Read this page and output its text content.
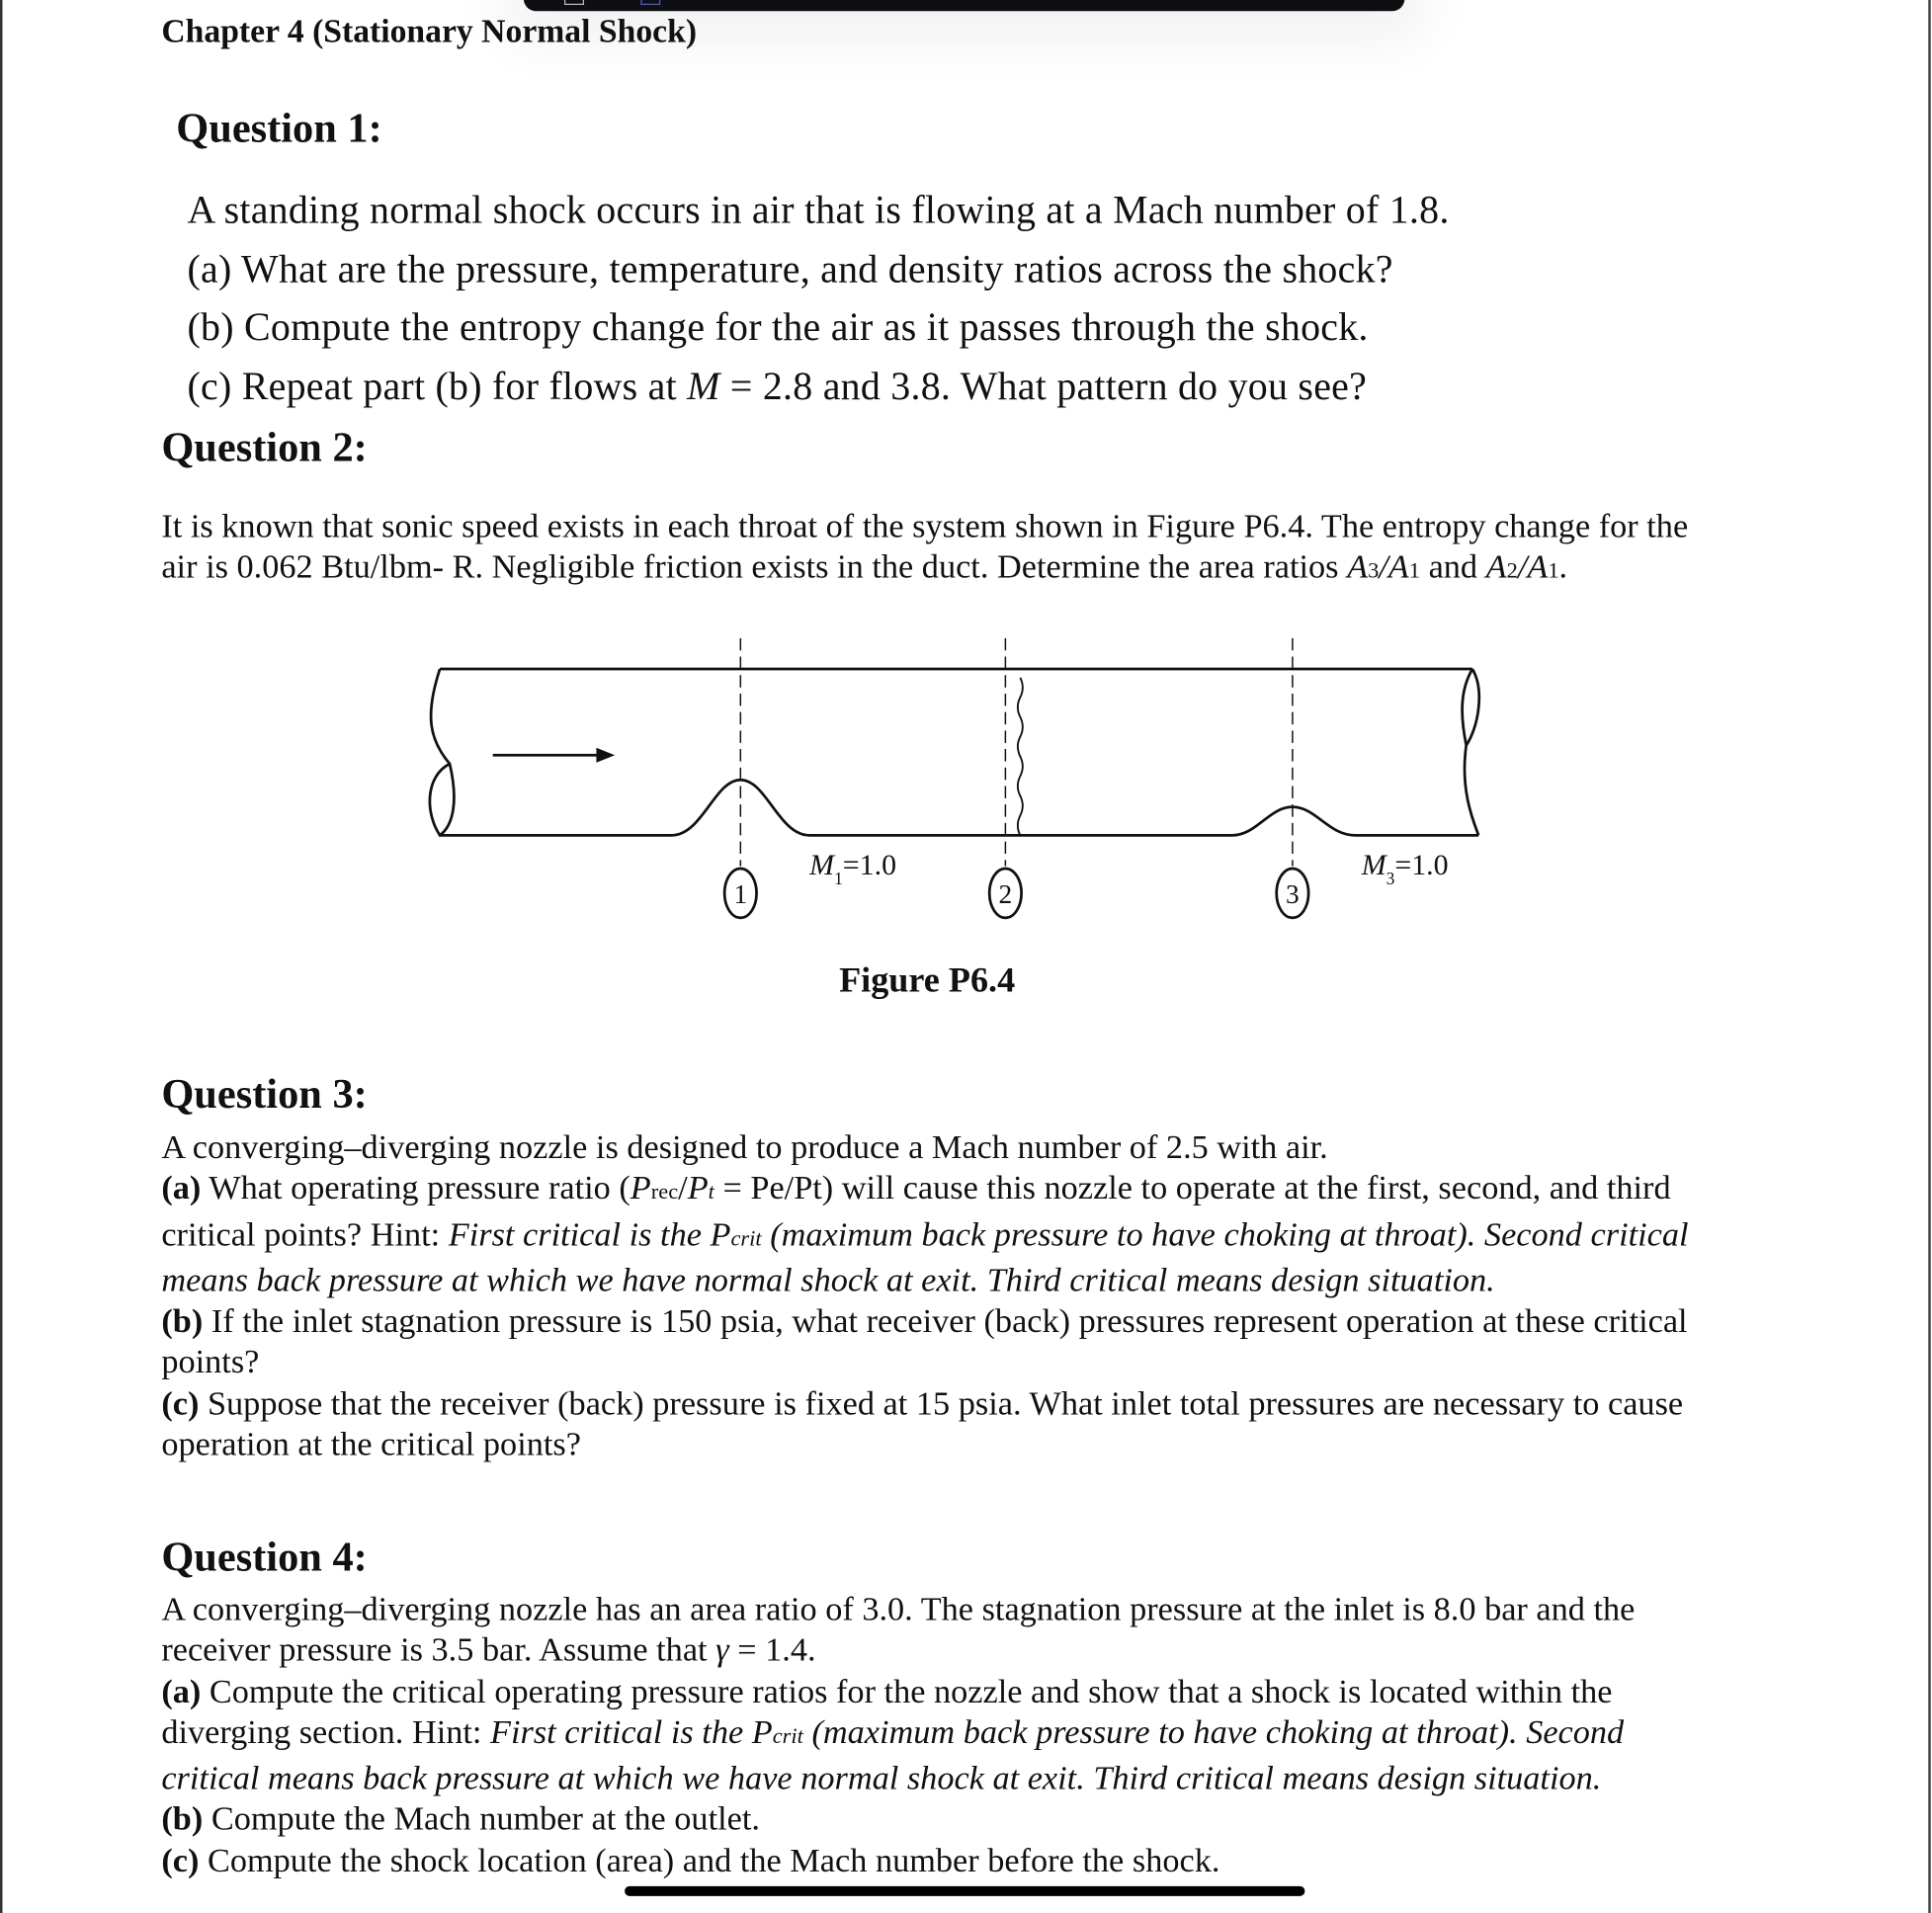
Chapter 4 (Stationary Normal Shock)
Question 1:
A standing normal shock occurs in air that is flowing at a Mach number of 1.8.
(a) What are the pressure, temperature, and density ratios across the shock?
(b) Compute the entropy change for the air as it passes through the shock.
(c) Repeat part (b) for flows at M = 2.8 and 3.8. What pattern do you see?
Question 2:
It is known that sonic speed exists in each throat of the system shown in Figure P6.4. The entropy change for the
air is 0.062 Btu/lbm- R. Negligible friction exists in the duct. Determine the area ratios A3/A1 and A2/A1.
1	2	3
$M_1=1.0$	$M_3=1.0$
Figure P6.4
Question 3:
A converging–diverging nozzle is designed to produce a Mach number of 2.5 with air.
(a) What operating pressure ratio (Prec/Pt = Pe/Pt) will cause this nozzle to operate at the first, second, and third
critical points? Hint: First critical is the Pcrit (maximum back pressure to have choking at throat). Second critical
means back pressure at which we have normal shock at exit. Third critical means design situation.
(b) If the inlet stagnation pressure is 150 psia, what receiver (back) pressures represent operation at these critical
points?
(c) Suppose that the receiver (back) pressure is fixed at 15 psia. What inlet total pressures are necessary to cause
operation at the critical points?
Question 4:
A converging–diverging nozzle has an area ratio of 3.0. The stagnation pressure at the inlet is 8.0 bar and the
receiver pressure is 3.5 bar. Assume that γ = 1.4.
(a) Compute the critical operating pressure ratios for the nozzle and show that a shock is located within the
diverging section. Hint: First critical is the Pcrit (maximum back pressure to have choking at throat). Second
critical means back pressure at which we have normal shock at exit. Third critical means design situation.
(b) Compute the Mach number at the outlet.
(c) Compute the shock location (area) and the Mach number before the shock.
